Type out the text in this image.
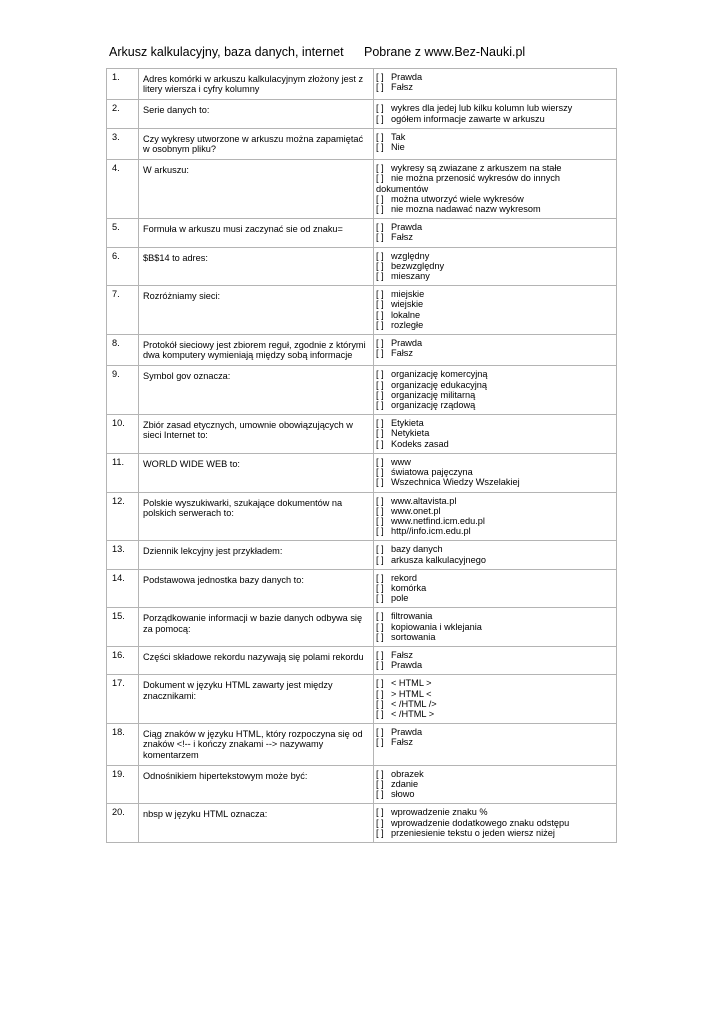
Arkusz kalkulacyjny, baza danych, internet Pobrane z www.Bez-Nauki.pl
1.	Adres komórki w arkuszu kalkulacyjnym złożony jest z litery wiersza i cyfry kolumny	[ ] Prawda
[ ] Fałsz

2.	Serie danych to:	[ ] wykres dla jedej lub kilku kolumn lub wierszy
[ ] ogółem informacje zawarte w arkuszu

3.	Czy wykresy utworzone w arkuszu można zapamiętać w osobnym pliku?	[ ] Tak
[ ] Nie

4.	W arkuszu:	[ ] wykresy są zwiazane z arkuszem na stałe
[ ] nie można przenosić wykresów do innych dokumentów
[ ] można utworzyć wiele wykresów
[ ] nie mozna nadawać nazw wykresom

5.	Formuła w arkuszu musi zaczynać sie od znaku=	[ ] Prawda
[ ] Fałsz

6.	$B$14 to adres:	[ ] względny
[ ] bezwzględny
[ ] mieszany

7.	Rozróżniamy sieci:	[ ] miejskie
[ ] wiejskie
[ ] lokalne
[ ] rozległe

8.	Protokół sieciowy jest zbiorem reguł, zgodnie z którymi dwa komputery wymieniają między sobą informacje	[ ] Prawda
[ ] Fałsz

9.	Symbol gov oznacza:	[ ] organizację komercyjną
[ ] organizację edukacyjną
[ ] organizację militarną
[ ] organizację rządową

10.	Zbiór zasad etycznych, umownie obowiązujących w sieci Internet to:	[ ] Etykieta
[ ] Netykieta
[ ] Kodeks zasad

11.	WORLD WIDE WEB to:	[ ] www
[ ] światowa pajęczyna
[ ] Wszechnica Wiedzy Wszelakiej

12.	Polskie wyszukiwarki, szukające dokumentów na polskich serwerach to:	[ ] www.altavista.pl
[ ] www.onet.pl
[ ] www.netfind.icm.edu.pl
[ ] http//info.icm.edu.pl

13.	Dziennik lekcyjny jest przykładem:	[ ] bazy danych
[ ] arkusza kalkulacyjnego

14.	Podstawowa jednostka bazy danych to:	[ ] rekord
[ ] komórka
[ ] pole

15.	Porządkowanie informacji w bazie danych odbywa się za pomocą:	[ ] filtrowania
[ ] kopiowania i wklejania
[ ] sortowania

16.	Części składowe rekordu nazywają się polami rekordu	[ ] Fałsz
[ ] Prawda

17.	Dokument w języku HTML zawarty jest między znacznikami:	[ ] < HTML >
[ ] > HTML <
[ ] < /HTML />
[ ] < /HTML >

18.	Ciąg znaków w języku HTML, który rozpoczyna się od znaków <!-- i kończy znakami --> nazywamy komentarzem	[ ] Prawda
[ ] Fałsz

19.	Odnośnikiem hipertekstowym może być:	[ ] obrazek
[ ] zdanie
[ ] słowo

20.	nbsp w języku HTML oznacza:	[ ] wprowadzenie znaku %
[ ] wprowadzenie dodatkowego znaku odstępu
[ ] przeniesienie tekstu o jeden wiersz niżej
